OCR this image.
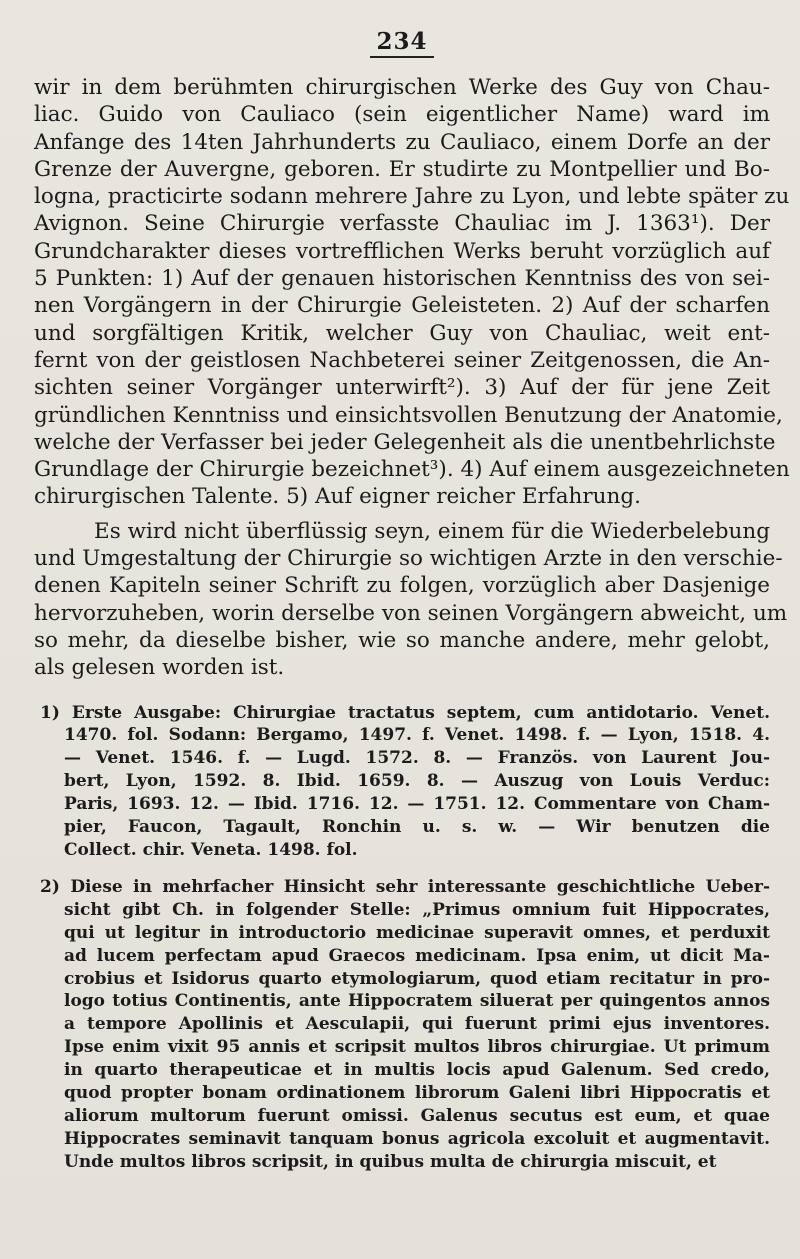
234

wir in dem berühmten chirurgischen Werke des Guy von Chau-
liac. Guido von Cauliaco (sein eigentlicher Name) ward im
Anfange des 14ten Jahrhunderts zu Cauliaco, einem Dorfe an der
Grenze der Auvergne, geboren. Er studirte zu Montpellier und Bo-
logna, practicirte sodann mehrere Jahre zu Lyon, und lebte später zu
Avignon. Seine Chirurgie verfasste Chauliac im J. 1363¹). Der
Grundcharakter dieses vortrefflichen Werks beruht vorzüglich auf
5 Punkten: 1) Auf der genauen historischen Kenntniss des von sei-
nen Vorgängern in der Chirurgie Geleisteten. 2) Auf der scharfen
und sorgfältigen Kritik, welcher Guy von Chauliac, weit ent-
fernt von der geistlosen Nachbeterei seiner Zeitgenossen, die An-
sichten seiner Vorgänger unterwirft²). 3) Auf der für jene Zeit
gründlichen Kenntniss und einsichtsvollen Benutzung der Anatomie,
welche der Verfasser bei jeder Gelegenheit als die unentbehrlichste
Grundlage der Chirurgie bezeichnet³). 4) Auf einem ausgezeichneten
chirurgischen Talente. 5) Auf eigner reicher Erfahrung.

Es wird nicht überflüssig seyn, einem für die Wiederbelebung
und Umgestaltung der Chirurgie so wichtigen Arzte in den verschie-
denen Kapiteln seiner Schrift zu folgen, vorzüglich aber Dasjenige
hervorzuheben, worin derselbe von seinen Vorgängern abweicht, um
so mehr, da dieselbe bisher, wie so manche andere, mehr gelobt,
als gelesen worden ist.

1) Erste Ausgabe: Chirurgiae tractatus septem, cum antidotario. Venet.
1470. fol. Sodann: Bergamo, 1497. f. Venet. 1498. f. — Lyon, 1518. 4.
— Venet. 1546. f. — Lugd. 1572. 8. — Französ. von Laurent Jou-
bert, Lyon, 1592. 8. Ibid. 1659. 8. — Auszug von Louis Verduc:
Paris, 1693. 12. — Ibid. 1716. 12. — 1751. 12. Commentare von Cham-
pier, Faucon, Tagault, Ronchin u. s. w. — Wir benutzen die
Collect. chir. Veneta. 1498. fol.
2) Diese in mehrfacher Hinsicht sehr interessante geschichtliche Ueber-
sicht gibt Ch. in folgender Stelle: „Primus omnium fuit Hippocrates,
qui ut legitur in introductorio medicinae superavit omnes, et perduxit
ad lucem perfectam apud Graecos medicinam. Ipsa enim, ut dicit Ma-
crobius et Isidorus quarto etymologiarum, quod etiam recitatur in pro-
logo totius Continentis, ante Hippocratem siluerat per quingentos annos
a tempore Apollinis et Aesculapii, qui fuerunt primi ejus inventores.
Ipse enim vixit 95 annis et scripsit multos libros chirurgiae. Ut primum
in quarto therapeuticae et in multis locis apud Galenum. Sed credo,
quod propter bonam ordinationem librorum Galeni libri Hippocratis et
aliorum multorum fuerunt omissi. Galenus secutus est eum, et quae
Hippocrates seminavit tanquam bonus agricola excoluit et augmentavit.
Unde multos libros scripsit, in quibus multa de chirurgia miscuit, et
